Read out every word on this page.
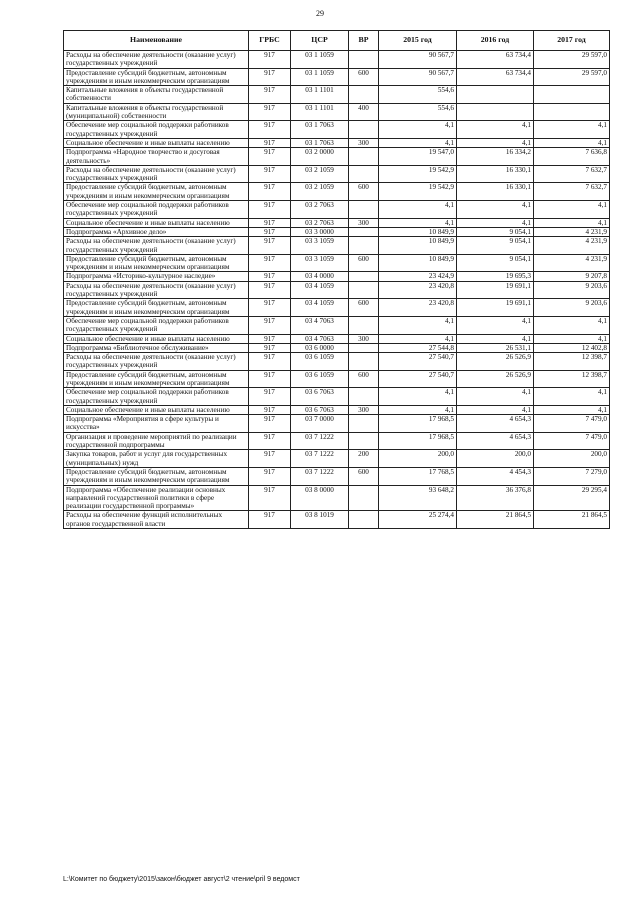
29
Наименование	ГРБС	ЦСР	ВР	2015 год	2016 год	2017 год
Расходы на обеспечение деятельности (оказание услуг) государственных учреждений	917	03 1 1059		90 567,7	63 734,4	29 597,0
Предоставление субсидий бюджетным, автономным учреждениям и иным некоммерческим организациям	917	03 1 1059	600	90 567,7	63 734,4	29 597,0
Капитальные вложения в объекты государственной собственности	917	03 1 1101		554,6		
Капитальные вложения в объекты государственной (муниципальной) собственности	917	03 1 1101	400	554,6		
Обеспечение мер социальной поддержки работников государственных учреждений	917	03 1 7063		4,1	4,1	4,1
Социальное обеспечение и иные выплаты населению	917	03 1 7063	300	4,1	4,1	4,1
Подпрограмма «Народное творчество и досуговая деятельность»	917	03 2 0000		19 547,0	16 334,2	7 636,8
Расходы на обеспечение деятельности (оказание услуг) государственных учреждений	917	03 2 1059		19 542,9	16 330,1	7 632,7
Предоставление субсидий бюджетным, автономным учреждениям и иным некоммерческим организациям	917	03 2 1059	600	19 542,9	16 330,1	7 632,7
Обеспечение мер социальной поддержки работников государственных учреждений	917	03 2 7063		4,1	4,1	4,1
Социальное обеспечение и иные выплаты населению	917	03 2 7063	300	4,1	4,1	4,1
Подпрограмма «Архивное дело»	917	03 3 0000		10 849,9	9 054,1	4 231,9
Расходы на обеспечение деятельности (оказание услуг) государственных учреждений	917	03 3 1059		10 849,9	9 054,1	4 231,9
Предоставление субсидий бюджетным, автономным учреждениям и иным некоммерческим организациям	917	03 3 1059	600	10 849,9	9 054,1	4 231,9
Подпрограмма «Историко-культурное наследие»	917	03 4 0000		23 424,9	19 695,3	9 207,8
Расходы на обеспечение деятельности (оказание услуг) государственных учреждений	917	03 4 1059		23 420,8	19 691,1	9 203,6
Предоставление субсидий бюджетным, автономным учреждениям и иным некоммерческим организациям	917	03 4 1059	600	23 420,8	19 691,1	9 203,6
Обеспечение мер социальной поддержки работников государственных учреждений	917	03 4 7063		4,1	4,1	4,1
Социальное обеспечение и иные выплаты населению	917	03 4 7063	300	4,1	4,1	4,1
Подпрограмма «Библиотечное обслуживание»	917	03 6 0000		27 544,8	26 531,1	12 402,8
Расходы на обеспечение деятельности (оказание услуг) государственных учреждений	917	03 6 1059		27 540,7	26 526,9	12 398,7
Предоставление субсидий бюджетным, автономным учреждениям и иным некоммерческим организациям	917	03 6 1059	600	27 540,7	26 526,9	12 398,7
Обеспечение мер социальной поддержки работников государственных учреждений	917	03 6 7063		4,1	4,1	4,1
Социальное обеспечение и иные выплаты населению	917	03 6 7063	300	4,1	4,1	4,1
Подпрограмма «Мероприятия в сфере культуры и искусства»	917	03 7 0000		17 968,5	4 654,3	7 479,0
Организация и проведение мероприятий по реализации государственной подпрограммы	917	03 7 1222		17 968,5	4 654,3	7 479,0
Закупка товаров, работ и услуг для государственных (муниципальных) нужд	917	03 7 1222	200	200,0	200,0	200,0
Предоставление субсидий бюджетным, автономным учреждениям и иным некоммерческим организациям	917	03 7 1222	600	17 768,5	4 454,3	7 279,0
Подпрограмма «Обеспечение реализации основных направлений государственной политики в сфере реализации государственной программы»	917	03 8 0000		93 648,2	36 376,8	29 295,4
Расходы на обеспечение функций исполнительных органов государственной власти	917	03 8 1019		25 274,4	21 864,5	21 864,5
L:\Комитет по бюджету\2015\закон\бюджет август\2 чтение\pril 9 ведомст
